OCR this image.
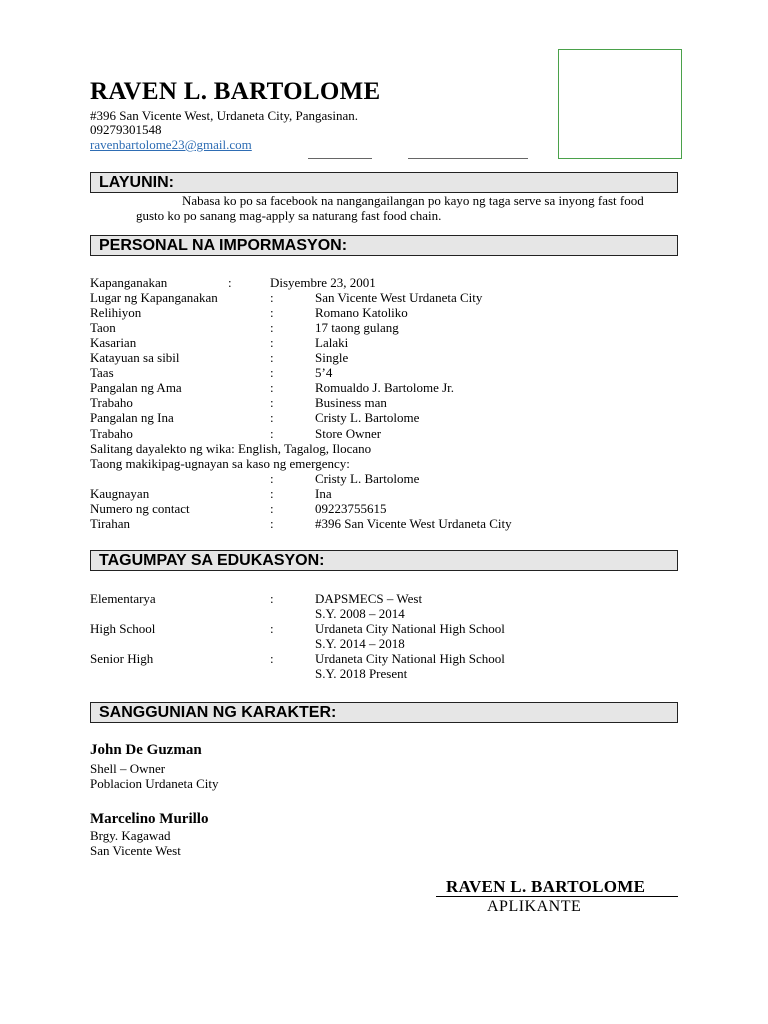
RAVEN L. BARTOLOME
#396 San Vicente West, Urdaneta City, Pangasinan.
09279301548
ravenbartolome23@gmail.com
LAYUNIN:
Nabasa ko po sa facebook na nangangailangan po kayo ng taga serve sa inyong fast food gusto ko po sanang mag-apply sa naturang fast food chain.
PERSONAL NA IMPORMASYON:
Kapanganakan	:	Disyembre 23, 2001
Lugar ng Kapanganakan	:	San Vicente West Urdaneta City
Relihiyon	:	Romano Katoliko
Taon	:	17 taong gulang
Kasarian	:	Lalaki
Katayuan sa sibil	:	Single
Taas	:	5’4
Pangalan ng Ama	:	Romualdo J. Bartolome Jr.
Trabaho	:	Business man
Pangalan ng Ina	:	Cristy L. Bartolome
Trabaho	:	Store Owner
Salitang dayalekto ng wika: English, Tagalog, Ilocano
Taong makikipag-ugnayan sa kaso ng emergency:
:	Cristy L. Bartolome
Kaugnayan	:	Ina
Numero ng contact	:	09223755615
Tirahan	:	#396 San Vicente West Urdaneta City
TAGUMPAY SA EDUKASYON:
Elementarya	:	DAPSMECS – West
S.Y. 2008 – 2014
High School	:	Urdaneta City National High School
S.Y. 2014 – 2018
Senior High	:	Urdaneta City National High School
S.Y. 2018 Present
SANGGUNIAN NG KARAKTER:
John De Guzman
Shell – Owner
Poblacion Urdaneta City
Marcelino Murillo
Brgy. Kagawad
San Vicente West
RAVEN L. BARTOLOME
APLIKANTE
